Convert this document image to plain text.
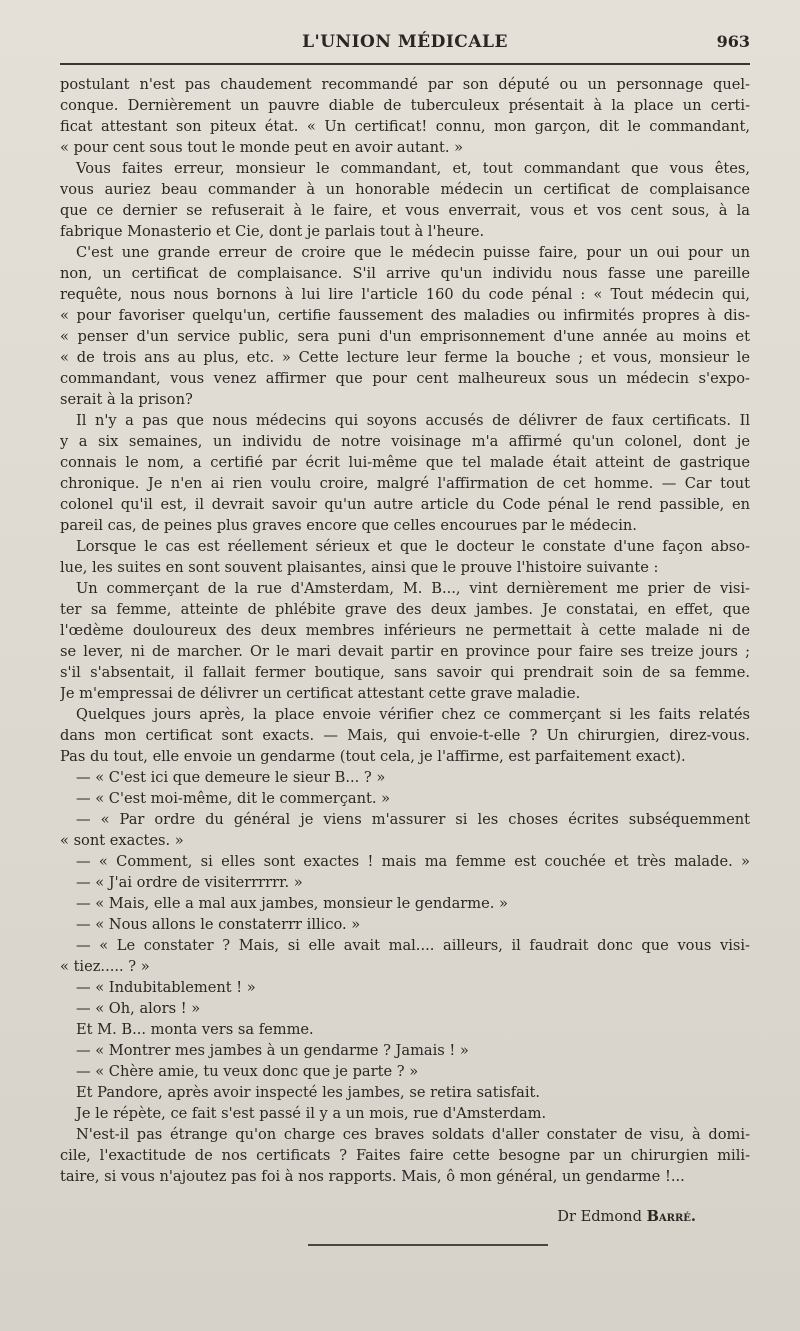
L'UNION MÉDICALE	963
postulant n'est pas chaudement recommandé par son député ou un personnage quel-
conque. Dernièrement un pauvre diable de tuberculeux présentait à la place un certi-
ficat attestant son piteux état. « Un certificat! connu, mon garçon, dit le commandant,
« pour cent sous tout le monde peut en avoir autant. »
Vous faites erreur, monsieur le commandant, et, tout commandant que vous êtes,
vous auriez beau commander à un honorable médecin un certificat de complaisance
que ce dernier se refuserait à le faire, et vous enverrait, vous et vos cent sous, à la
fabrique Monasterio et Cie, dont je parlais tout à l'heure.
C'est une grande erreur de croire que le médecin puisse faire, pour un oui pour un
non, un certificat de complaisance. S'il arrive qu'un individu nous fasse une pareille
requête, nous nous bornons à lui lire l'article 160 du code pénal : « Tout médecin qui,
« pour favoriser quelqu'un, certifie faussement des maladies ou infirmités propres à dis-
« penser d'un service public, sera puni d'un emprisonnement d'une année au moins et
« de trois ans au plus, etc. » Cette lecture leur ferme la bouche ; et vous, monsieur le
commandant, vous venez affirmer que pour cent malheureux sous un médecin s'expo-
serait à la prison?
Il n'y a pas que nous médecins qui soyons accusés de délivrer de faux certificats. Il
y a six semaines, un individu de notre voisinage m'a affirmé qu'un colonel, dont je
connais le nom, a certifié par écrit lui-même que tel malade était atteint de gastrique
chronique. Je n'en ai rien voulu croire, malgré l'affirmation de cet homme. — Car tout
colonel qu'il est, il devrait savoir qu'un autre article du Code pénal le rend passible, en
pareil cas, de peines plus graves encore que celles encourues par le médecin.
Lorsque le cas est réellement sérieux et que le docteur le constate d'une façon abso-
lue, les suites en sont souvent plaisantes, ainsi que le prouve l'histoire suivante :
Un commerçant de la rue d'Amsterdam, M. B..., vint dernièrement me prier de visi-
ter sa femme, atteinte de phlébite grave des deux jambes. Je constatai, en effet, que
l'œdème douloureux des deux membres inférieurs ne permettait à cette malade ni de
se lever, ni de marcher. Or le mari devait partir en province pour faire ses treize jours ;
s'il s'absentait, il fallait fermer boutique, sans savoir qui prendrait soin de sa femme.
Je m'empressai de délivrer un certificat attestant cette grave maladie.
Quelques jours après, la place envoie vérifier chez ce commerçant si les faits relatés
dans mon certificat sont exacts. — Mais, qui envoie-t-elle ? Un chirurgien, direz-vous.
Pas du tout, elle envoie un gendarme (tout cela, je l'affirme, est parfaitement exact).
— « C'est ici que demeure le sieur B... ? »
— « C'est moi-même, dit le commerçant. »
— « Par ordre du général je viens m'assurer si les choses écrites subséquemment
« sont exactes. »
— « Comment, si elles sont exactes ! mais ma femme est couchée et très malade. »
— « J'ai ordre de visiterrrrrr. »
— « Mais, elle a mal aux jambes, monsieur le gendarme. »
— « Nous allons le constaterrr illico. »
— « Le constater ? Mais, si elle avait mal.... ailleurs, il faudrait donc que vous visi-
« tiez..... ? »
— « Indubitablement ! »
— « Oh, alors ! »
Et M. B... monta vers sa femme.
— « Montrer mes jambes à un gendarme ? Jamais ! »
— « Chère amie, tu veux donc que je parte ? »
Et Pandore, après avoir inspecté les jambes, se retira satisfait.
Je le répète, ce fait s'est passé il y a un mois, rue d'Amsterdam.
N'est-il pas étrange qu'on charge ces braves soldats d'aller constater de visu, à domi-
cile, l'exactitude de nos certificats ? Faites faire cette besogne par un chirurgien mili-
taire, si vous n'ajoutez pas foi à nos rapports. Mais, ô mon général, un gendarme !...
Dr Edmond Barré.
